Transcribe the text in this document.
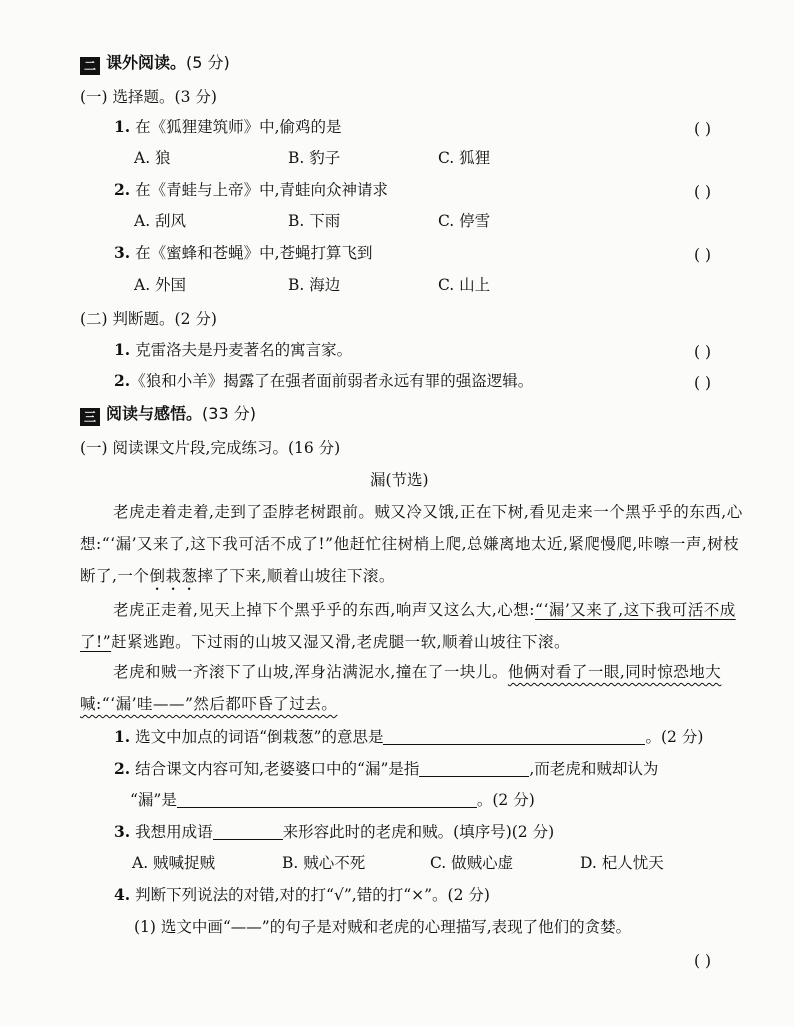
二 课外阅读。(5 分)
(一) 选择题。(3 分)
1. 在《狐狸建筑师》中,偷鸡的是	( )
A. 狼	B. 豹子	C. 狐狸
2. 在《青蛙与上帝》中,青蛙向众神请求	( )
A. 刮风	B. 下雨	C. 停雪
3. 在《蜜蜂和苍蝇》中,苍蝇打算飞到	( )
A. 外国	B. 海边	C. 山上
(二) 判断题。(2 分)
1. 克雷洛夫是丹麦著名的寓言家。	( )
2.《狼和小羊》揭露了在强者面前弱者永远有罪的强盗逻辑。	( )
三 阅读与感悟。(33 分)
(一) 阅读课文片段,完成练习。(16 分)
漏(节选)
老虎走着走着,走到了歪脖老树跟前。贼又冷又饿,正在下树,看见走来一个黑乎乎的东西,心想:“‘漏’又来了,这下我可活不成了!”他赶忙往树梢上爬,总嫌离地太近,紧爬慢爬,咔嚓一声,树枝断了,一个倒栽葱摔了下来,顺着山坡往下滚。
老虎正走着,见天上掉下个黑乎乎的东西,响声又这么大,心想:“‘漏’又来了,这下我可活不成了!”赶紧逃跑。下过雨的山坡又湿又滑,老虎腿一软,顺着山坡往下滚。
老虎和贼一齐滚下了山坡,浑身沾满泥水,撞在了一块儿。他俩对看了一眼,同时惊恐地大喊:“‘漏’哇——”然后都吓昏了过去。
1. 选文中加点的词语“倒栽葱”的意思是	。(2 分)
2. 结合课文内容可知,老婆婆口中的“漏”是指	,而老虎和贼却认为
“漏”是	。(2 分)
3. 我想用成语	来形容此时的老虎和贼。(填序号)(2 分)
A. 贼喊捉贼	B. 贼心不死	C. 做贼心虚	D. 杞人忧天
4. 判断下列说法的对错,对的打“√”,错的打“×”。(2 分)
(1) 选文中画“——”的句子是对贼和老虎的心理描写,表现了他们的贪婪。
( )
